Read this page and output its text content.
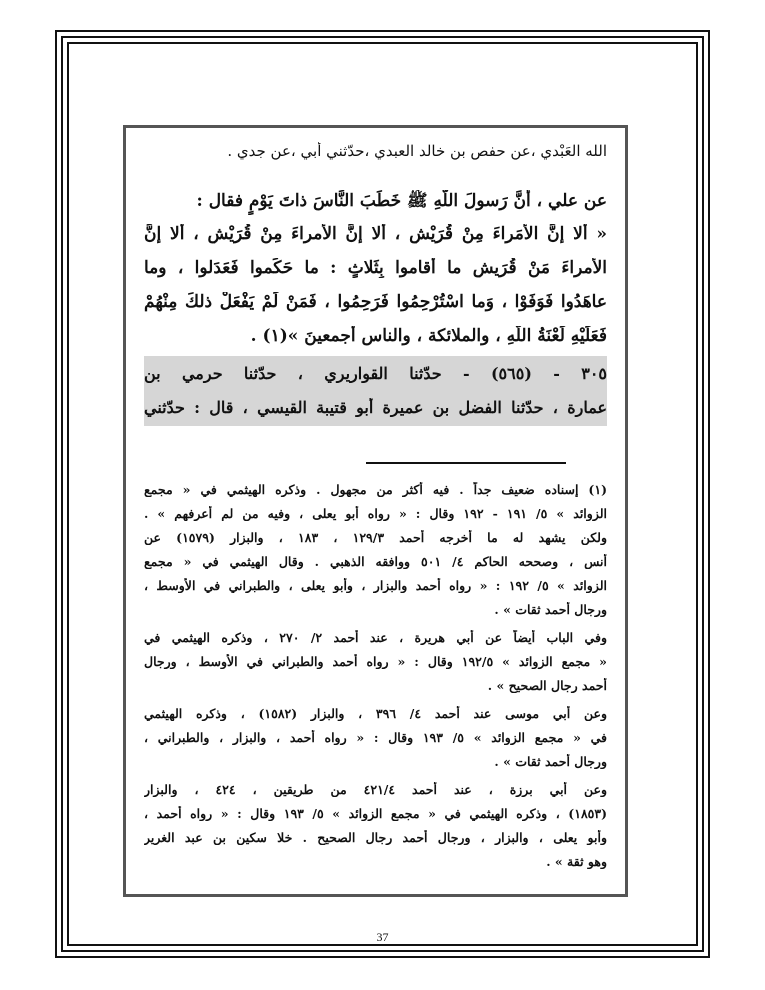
الله العَبْدي ،عن حفص بن خالد العبدي ،حدّثني أبي ،عن جدي .
عن علي ، أَنَّ رَسولَ اللَّهِ ﷺ خَطَبَ النَّاسَ ذاتَ يَوْمٍ فقال :
« أَلا إنَّ الأُمَراءَ مِنْ قُرَيْشٍ ، أَلا إنَّ الأمراءَ مِنْ قُرَيْشٍ ، أَلا إنَّ
الأمراءَ مَنْ قُرَيشٍ ما أَقاموا بِثَلاثٍ : ما حَكَموا فَعَدَلوا ، وما
عاهَدُوا فَوَفَوْا ، وَما اسْتُرْحِمُوا فَرَحِمُوا ، فَمَنْ لَمْ يَفْعَلْ ذلكَ مِنْهُمْ
فَعَلَيْهِ لَعْنَةُ اللَّهِ ، والملائكة ، والناسِ أجمعينَ »(١) .
٣٠٥ - (٥٦٥) - حدّثنا القواريري ، حدّثنا حرمي بن
عمارة ، حدّثنا الفضل بن عميرة أبو قتيبة القيسي ، قال : حدّثني
(١) إسناده ضعيف جداً . فيه أكثر من مجهول . وذكره الهيثمي في « مجمع
الزوائد » ٥/ ١٩١ - ١٩٢ وقال : « رواه أبو يعلى ، وفيه من لم أعرفهم » .
ولكن يشهد له ما أخرجه أحمد ١٢٩/٣ ، ١٨٣ ، والبزار (١٥٧٩) عن
أنس ، وصححه الحاكم ٤/ ٥٠١ ووافقه الذهبي . وقال الهيثمي في « مجمع
الزوائد » ٥/ ١٩٢ : « رواه أحمد والبزار ، وأبو يعلى ، والطبراني في الأوسط ،
ورجال أحمد ثقات » .
وفي الباب أيضاً عن أبي هريرة ، عند أحمد ٢/ ٢٧٠ ، وذكره الهيثمي في
« مجمع الزوائد » ١٩٢/٥ وقال : « رواه أحمد والطبراني في الأوسط ، ورجال
أحمد رجال الصحيح » .
وعن أبي موسى عند أحمد ٤/ ٣٩٦ ، والبزار (١٥٨٢) ، وذكره الهيثمي
في « مجمع الزوائد » ٥/ ١٩٣ وقال : « رواه أحمد ، والبزار ، والطبراني ،
ورجال أحمد ثقات » .
وعن أبي برزة ، عند أحمد ٤٢١/٤ من طريقين ، ٤٢٤ ، والبزار
(١٨٥٣) ، وذكره الهيثمي في « مجمع الزوائد » ٥/ ١٩٣ وقال : « رواه أحمد ،
وأبو يعلى ، والبزار ، ورجال أحمد رجال الصحيح . خلا سكين بن عبد الغرير
وهو ثقة » .
37
